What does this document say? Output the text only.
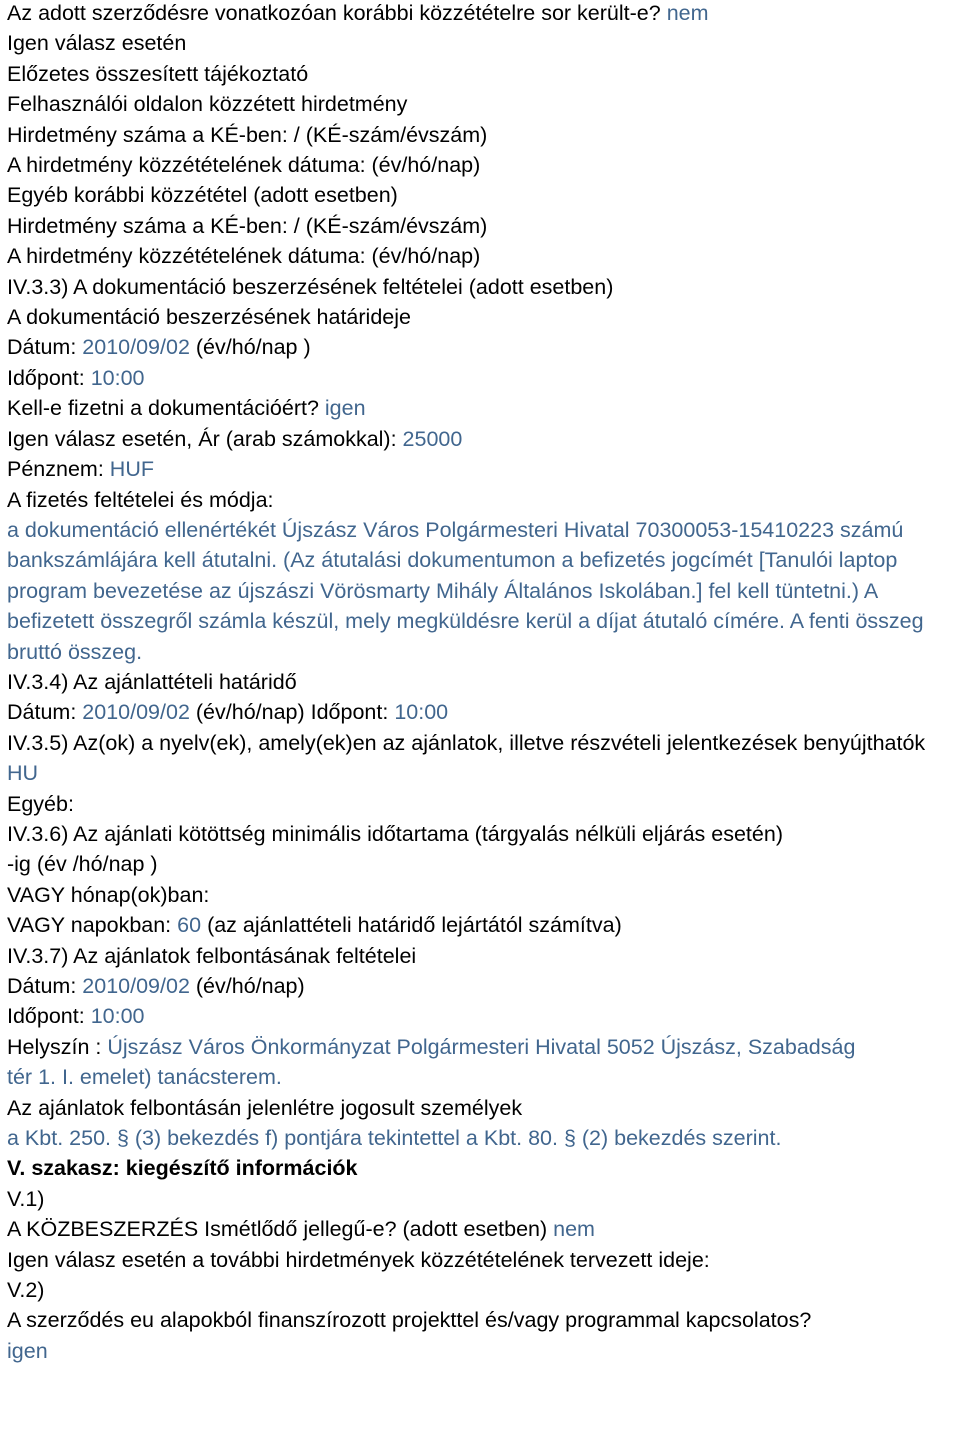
Az adott szerződésre vonatkozóan korábbi közzétételre sor került-e? nem

Igen válasz esetén

Előzetes összesített tájékoztató

Felhasználói oldalon közzétett hirdetmény

Hirdetmény száma a KÉ-ben: / (KÉ-szám/évszám)

A hirdetmény közzétételének dátuma: (év/hó/nap)

Egyéb korábbi közzététel (adott esetben)

Hirdetmény száma a KÉ-ben: / (KÉ-szám/évszám)

A hirdetmény közzétételének dátuma: (év/hó/nap)

IV.3.3) A dokumentáció beszerzésének feltételei (adott esetben)

A dokumentáció beszerzésének határideje

Dátum: 2010/09/02 (év/hó/nap )

Időpont: 10:00

Kell-e fizetni a dokumentációért? igen

Igen válasz esetén, Ár (arab számokkal): 25000

Pénznem: HUF

A fizetés feltételei és módja:

a dokumentáció ellenértékét Újszász Város Polgármesteri Hivatal 70300053-15410223 számú bankszámlájára kell átutalni. (Az átutalási dokumentumon a befizetés jogcímét [Tanulói laptop program bevezetése az újszászi Vörösmarty Mihály Általános Iskolában.] fel kell tüntetni.) A befizetett összegről számla készül, mely megküldésre kerül a díjat átutaló címére. A fenti összeg bruttó összeg.

IV.3.4) Az ajánlattételi határidő

Dátum: 2010/09/02 (év/hó/nap) Időpont: 10:00

IV.3.5) Az(ok) a nyelv(ek), amely(ek)en az ajánlatok, illetve részvételi jelentkezések benyújthatók

HU

Egyéb:

IV.3.6) Az ajánlati kötöttség minimális időtartama (tárgyalás nélküli eljárás esetén)

-ig (év /hó/nap )

VAGY hónap(ok)ban:

VAGY napokban: 60 (az ajánlattételi határidő lejártától számítva)

IV.3.7) Az ajánlatok felbontásának feltételei

Dátum: 2010/09/02 (év/hó/nap)

Időpont: 10:00

Helyszín : Újszász Város Önkormányzat Polgármesteri Hivatal 5052 Újszász, Szabadság tér 1. I. emelet) tanácsterem.

Az ajánlatok felbontásán jelenlétre jogosult személyek

a Kbt. 250. § (3) bekezdés f) pontjára tekintettel a Kbt. 80. § (2) bekezdés szerint.

V. szakasz: kiegészítő információk

V.1)

A KÖZBESZERZÉS Ismétlődő jellegű-e? (adott esetben) nem

Igen válasz esetén a további hirdetmények közzétételének tervezett ideje:

V.2)

A szerződés eu alapokból finanszírozott projekttel és/vagy programmal kapcsolatos?

igen
